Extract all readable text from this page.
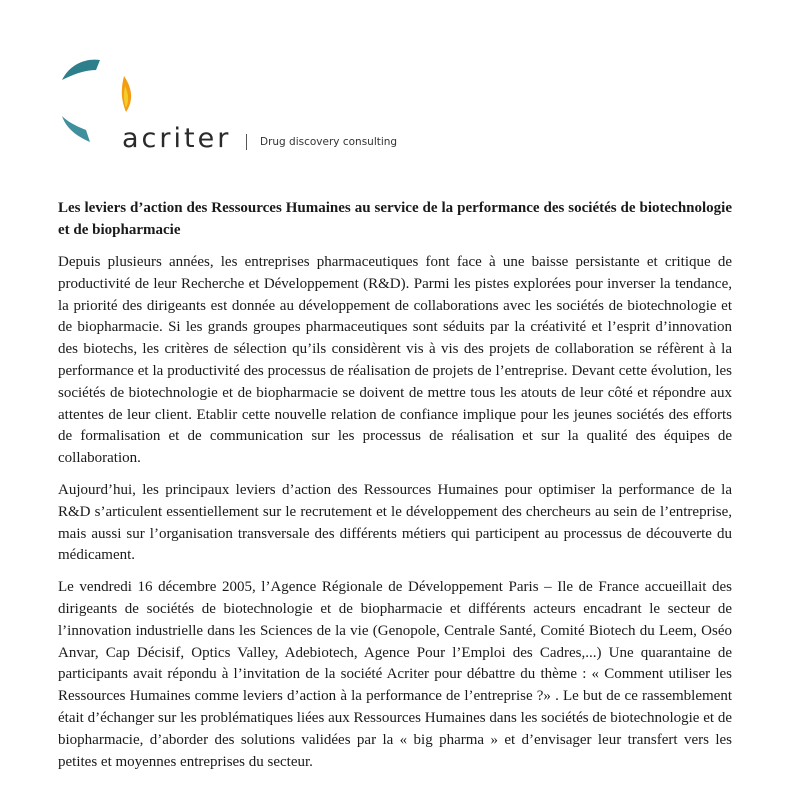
acriter	Drug discovery consulting

Les leviers d’action des Ressources Humaines au service de la performance des sociétés de biotechnologie et de biopharmacie

Depuis plusieurs années, les entreprises pharmaceutiques font face à une baisse persistante et critique de productivité de leur Recherche et Développement (R&D). Parmi les pistes explorées pour inverser la tendance, la priorité des dirigeants est donnée au développement de collaborations avec les sociétés de biotechnologie et de biopharmacie. Si les grands groupes pharmaceutiques sont séduits par la créativité et l’esprit d’innovation des biotechs, les critères de sélection qu’ils considèrent vis à vis des projets de collaboration se réfèrent à la performance et la productivité des processus de réalisation de projets de l’entreprise. Devant cette évolution, les sociétés de biotechnologie et de biopharmacie se doivent de mettre tous les atouts de leur côté et répondre aux attentes de leur client. Etablir cette nouvelle relation de confiance implique pour les jeunes sociétés des efforts de formalisation et de communication sur les processus de réalisation et sur la qualité des équipes de collaboration.

Aujourd’hui, les principaux leviers d’action des Ressources Humaines pour optimiser la performance de la R&D s’articulent essentiellement sur le recrutement et le développement des chercheurs au sein de l’entreprise, mais aussi sur l’organisation transversale des différents métiers qui participent au processus de découverte du médicament.

Le vendredi 16 décembre 2005, l’Agence Régionale de Développement Paris – Ile de France accueillait des dirigeants de sociétés de biotechnologie et de biopharmacie et différents acteurs encadrant le secteur de l’innovation industrielle dans les Sciences de la vie (Genopole, Centrale Santé, Comité Biotech du Leem, Oséo Anvar, Cap Décisif, Optics Valley, Adebiotech, Agence Pour l’Emploi des Cadres,...) Une quarantaine de participants avait répondu à l’invitation de la société Acriter pour débattre du thème : « Comment utiliser les Ressources Humaines comme leviers d’action à la performance de l’entreprise ?» . Le but de ce rassemblement était d’échanger sur les problématiques liées aux Ressources Humaines dans les sociétés de biotechnologie et de biopharmacie, d’aborder des solutions validées par la « big pharma » et d’envisager leur transfert vers les petites et moyennes entreprises du secteur.
